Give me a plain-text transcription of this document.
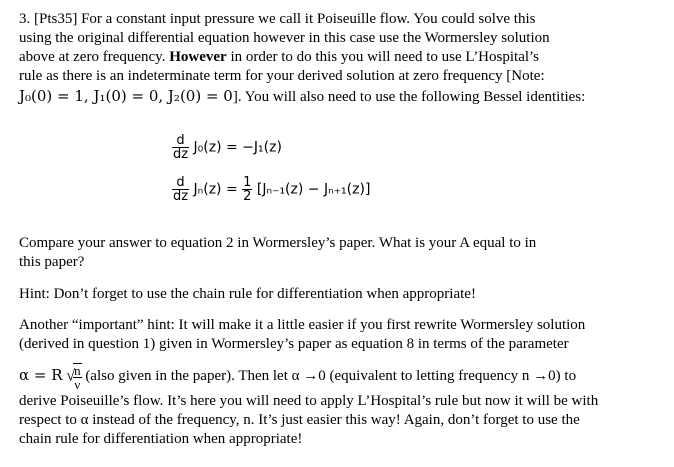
3. [Pts35] For a constant input pressure we call it Poiseuille flow. You could solve this
using the original differential equation however in this case use the Wormersley solution
above at zero frequency. However in order to do this you will need to use L’Hospital’s
rule as there is an indeterminate term for your derived solution at zero frequency [Note:
J₀(0) = 1, J₁(0) = 0, J₂(0) = 0]. You will also need to use the following Bessel identities:
$\frac{d}{dz} J_0(z) = -J_1(z)$
$\frac{d}{dz} J_n(z) = \frac{1}{2} [J_{n-1}(z) - J_{n+1}(z)]$
Compare your answer to equation 2 in Wormersley’s paper. What is your A equal to in
this paper?
Hint: Don’t forget to use the chain rule for differentiation when appropriate!
Another “important” hint: It will make it a little easier if you first rewrite Wormersley solution
(derived in question 1) given in Wormersley’s paper as equation 8 in terms of the parameter
α = R √
$\frac{n}{\nu}$ (also given in the paper). Then let α →0 (equivalent to letting frequency n →0) to
derive Poiseuille’s flow. It’s here you will need to apply L’Hospital’s rule but now it will be with
respect to α instead of the frequency, n. It’s just easier this way! Again, don’t forget to use the
chain rule for differentiation when appropriate!
